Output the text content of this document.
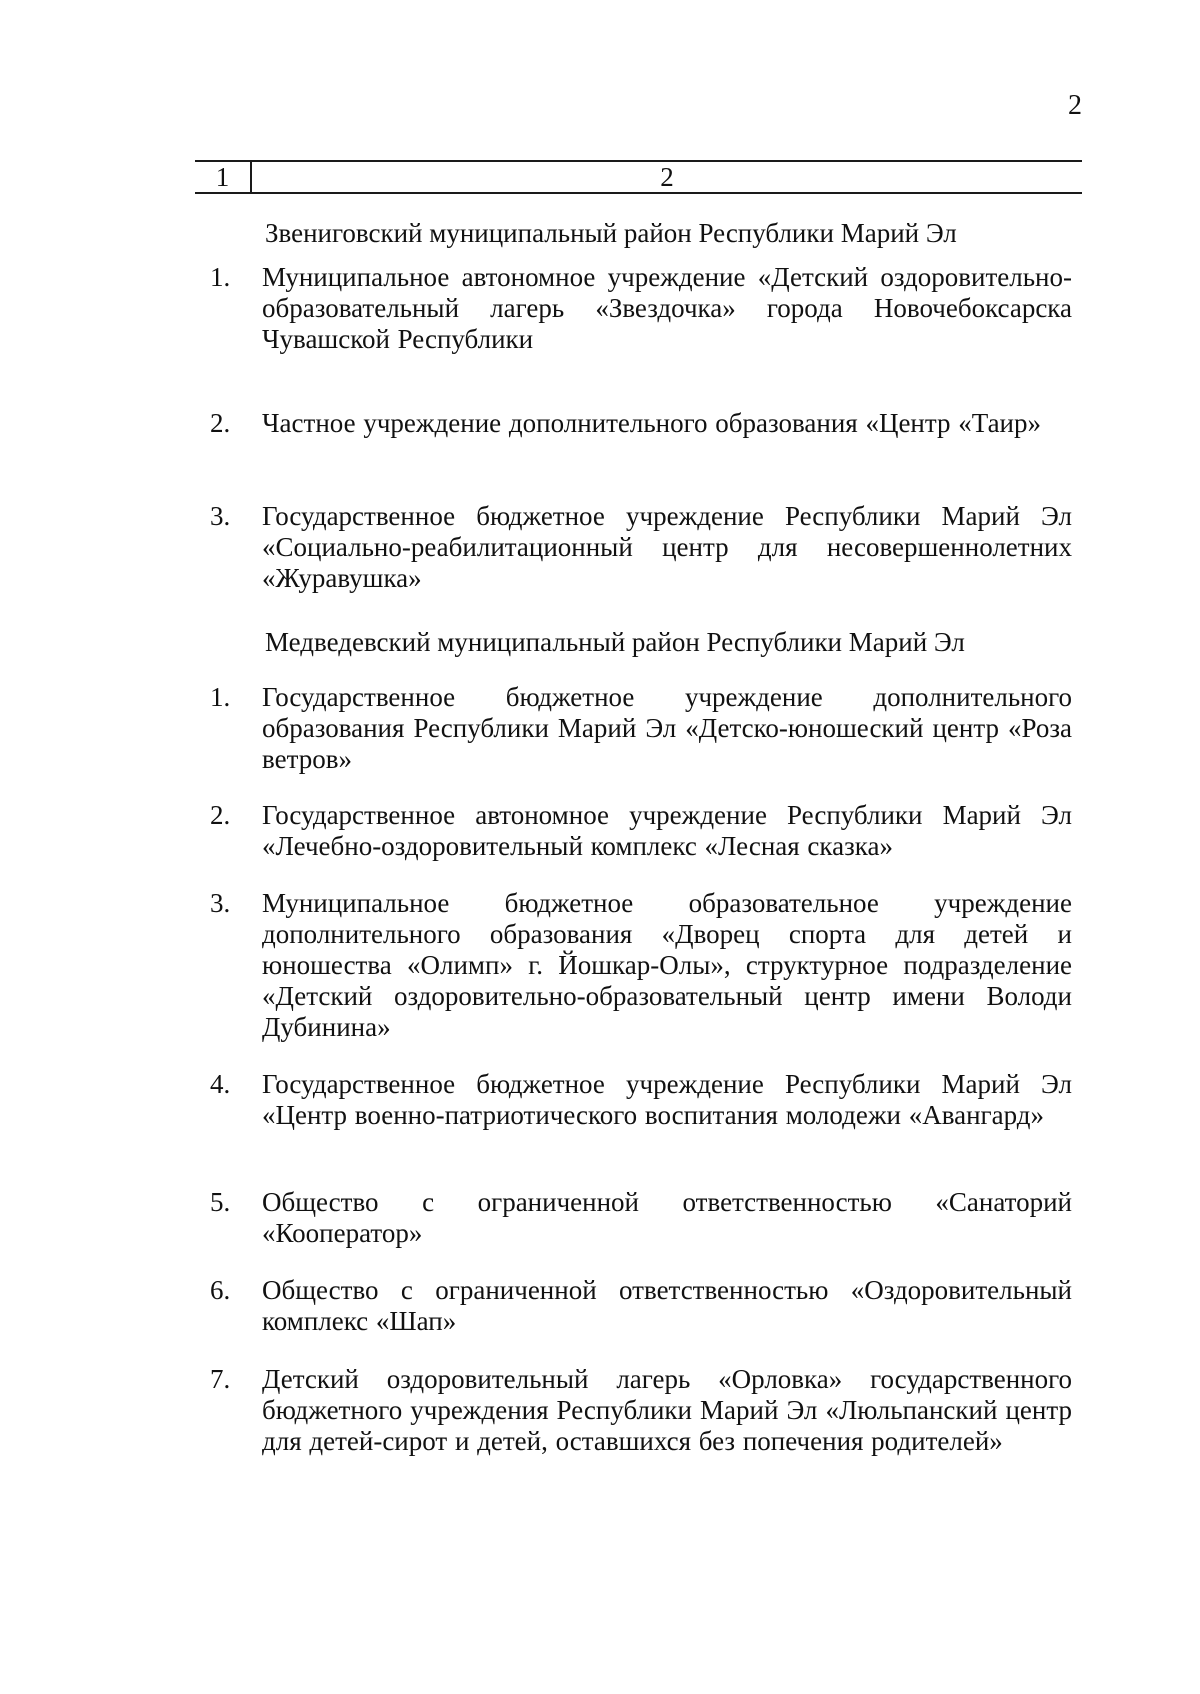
2
1	2
Звениговский муниципальный район Республики Марий Эл
1.	Муниципальное автономное учреждение «Детский оздоровительно-образовательный лагерь «Звездочка» города Новочебоксарска Чувашской Республики
2.	Частное учреждение дополнительного образования «Центр «Таир»
3.	Государственное бюджетное учреждение Республики Марий Эл «Социально-реабилитационный центр для несовершеннолетних «Журавушка»
Медведевский муниципальный район Республики Марий Эл
1.	Государственное бюджетное учреждение дополнительного образования Республики Марий Эл «Детско-юношеский центр «Роза ветров»
2.	Государственное автономное учреждение Республики Марий Эл «Лечебно-оздоровительный комплекс «Лесная сказка»
3.	Муниципальное бюджетное образовательное учреждение дополнительного образования «Дворец спорта для детей и юношества «Олимп» г. Йошкар-Олы», структурное подразделение «Детский оздоровительно-образовательный центр имени Володи Дубинина»
4.	Государственное бюджетное учреждение Республики Марий Эл «Центр военно-патриотического воспитания молодежи «Авангард»
5.	Общество с ограниченной ответственностью «Санаторий «Кооператор»
6.	Общество с ограниченной ответственностью «Оздоровительный комплекс «Шап»
7.	Детский оздоровительный лагерь «Орловка» государственного бюджетного учреждения Республики Марий Эл «Люльпанский центр для детей-сирот и детей, оставшихся без попечения родителей»
